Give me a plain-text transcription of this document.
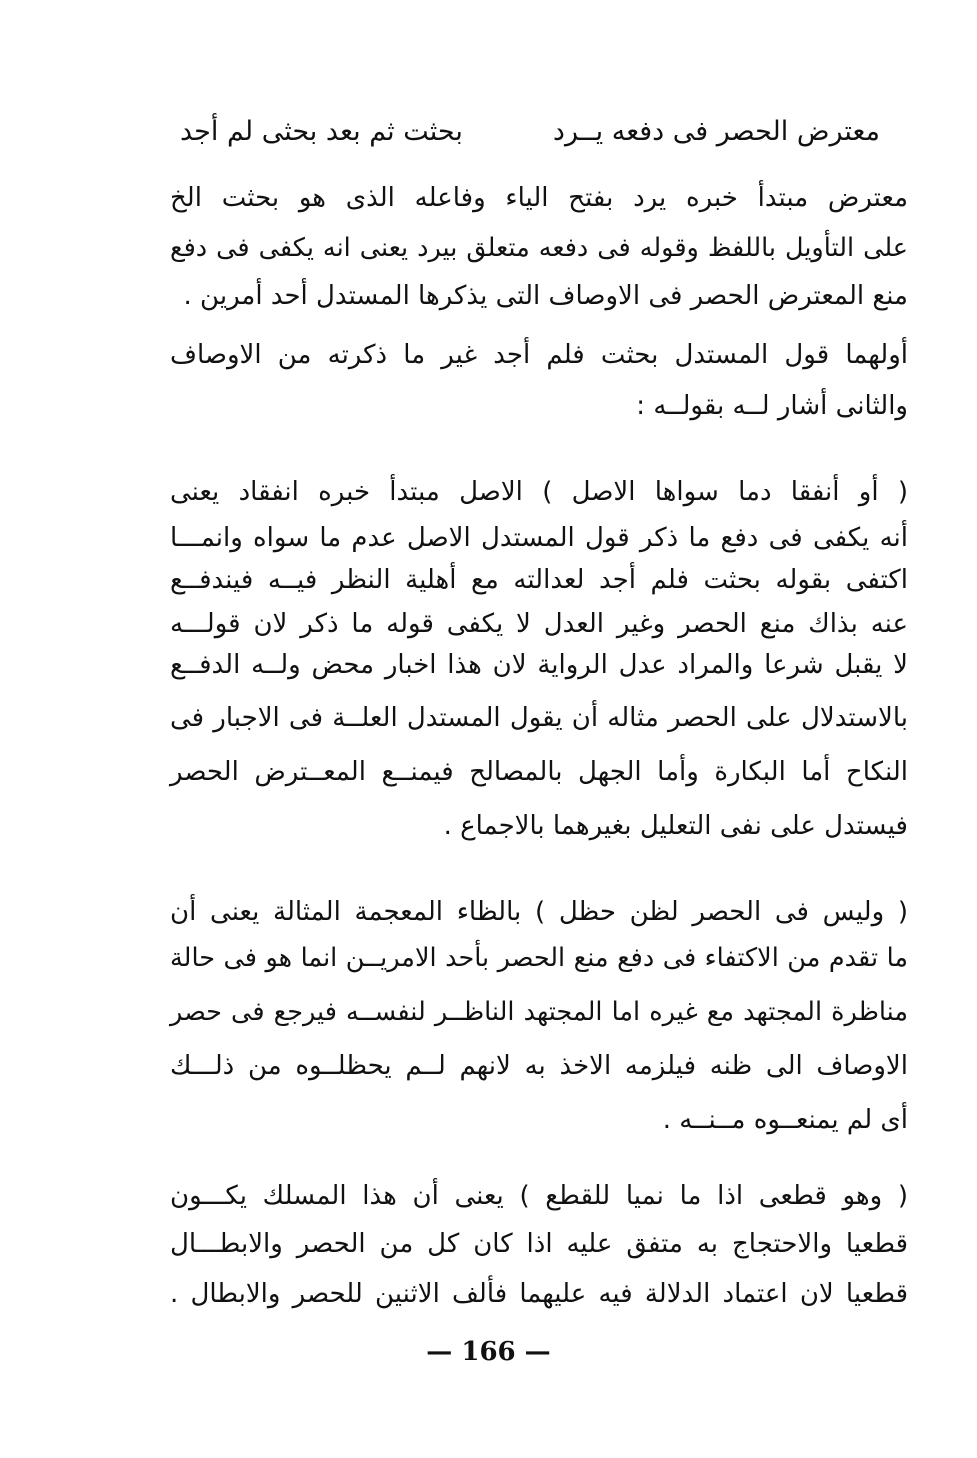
معترض الحصر فى دفعه يــرد
بحثت ثم بعد بحثى لم أجد
معترض مبتدأ خبره يرد بفتح الياء وفاعله الذى هو بحثت الخ
على التأويل باللفظ وقوله فى دفعه متعلق بيرد يعنى انه يكفى فى دفع
منع المعترض الحصر فى الاوصاف التى يذكرها المستدل أحد أمرين .
أولهما قول المستدل بحثت فلم أجد غير ما ذكرته من الاوصاف
والثانى أشار لــه بقولــه :
( أو أنفقا دما سواها الاصل ) الاصل مبتدأ خبره انفقاد يعنى
أنه يكفى فى دفع ما ذكر قول المستدل الاصل عدم ما سواه وانمـــا
اكتفى بقوله بحثت فلم أجد لعدالته مع أهلية النظر فيــه فيندفــع
عنه بذاك منع الحصر وغير العدل لا يكفى قوله ما ذكر لان قولـــه
لا يقبل شرعا والمراد عدل الرواية لان هذا اخبار محض ولــه الدفــع
بالاستدلال على الحصر مثاله أن يقول المستدل العلــة فى الاجبار فى
النكاح أما البكارة وأما الجهل بالمصالح فيمنــع المعــترض الحصر
فيستدل على نفى التعليل بغيرهما بالاجماع .
( وليس فى الحصر لظن حظل ) بالظاء المعجمة المثالة يعنى أن
ما تقدم من الاكتفاء فى دفع منع الحصر بأحد الامريــن انما هو فى حالة
مناظرة المجتهد مع غيره اما المجتهد الناظــر لنفســه فيرجع فى حصر
الاوصاف الى ظنه فيلزمه الاخذ به لانهم لــم يحظلــوه من ذلـــك
أى لم يمنعــوه مــنــه .
( وهو قطعى اذا ما نميا للقطع ) يعنى أن هذا المسلك يكـــون
قطعيا والاحتجاج به متفق عليه اذا كان كل من الحصر والابطـــال
قطعيا لان اعتماد الدلالة فيه عليهما فألف الاثنين للحصر والابطال .
— 166 —
